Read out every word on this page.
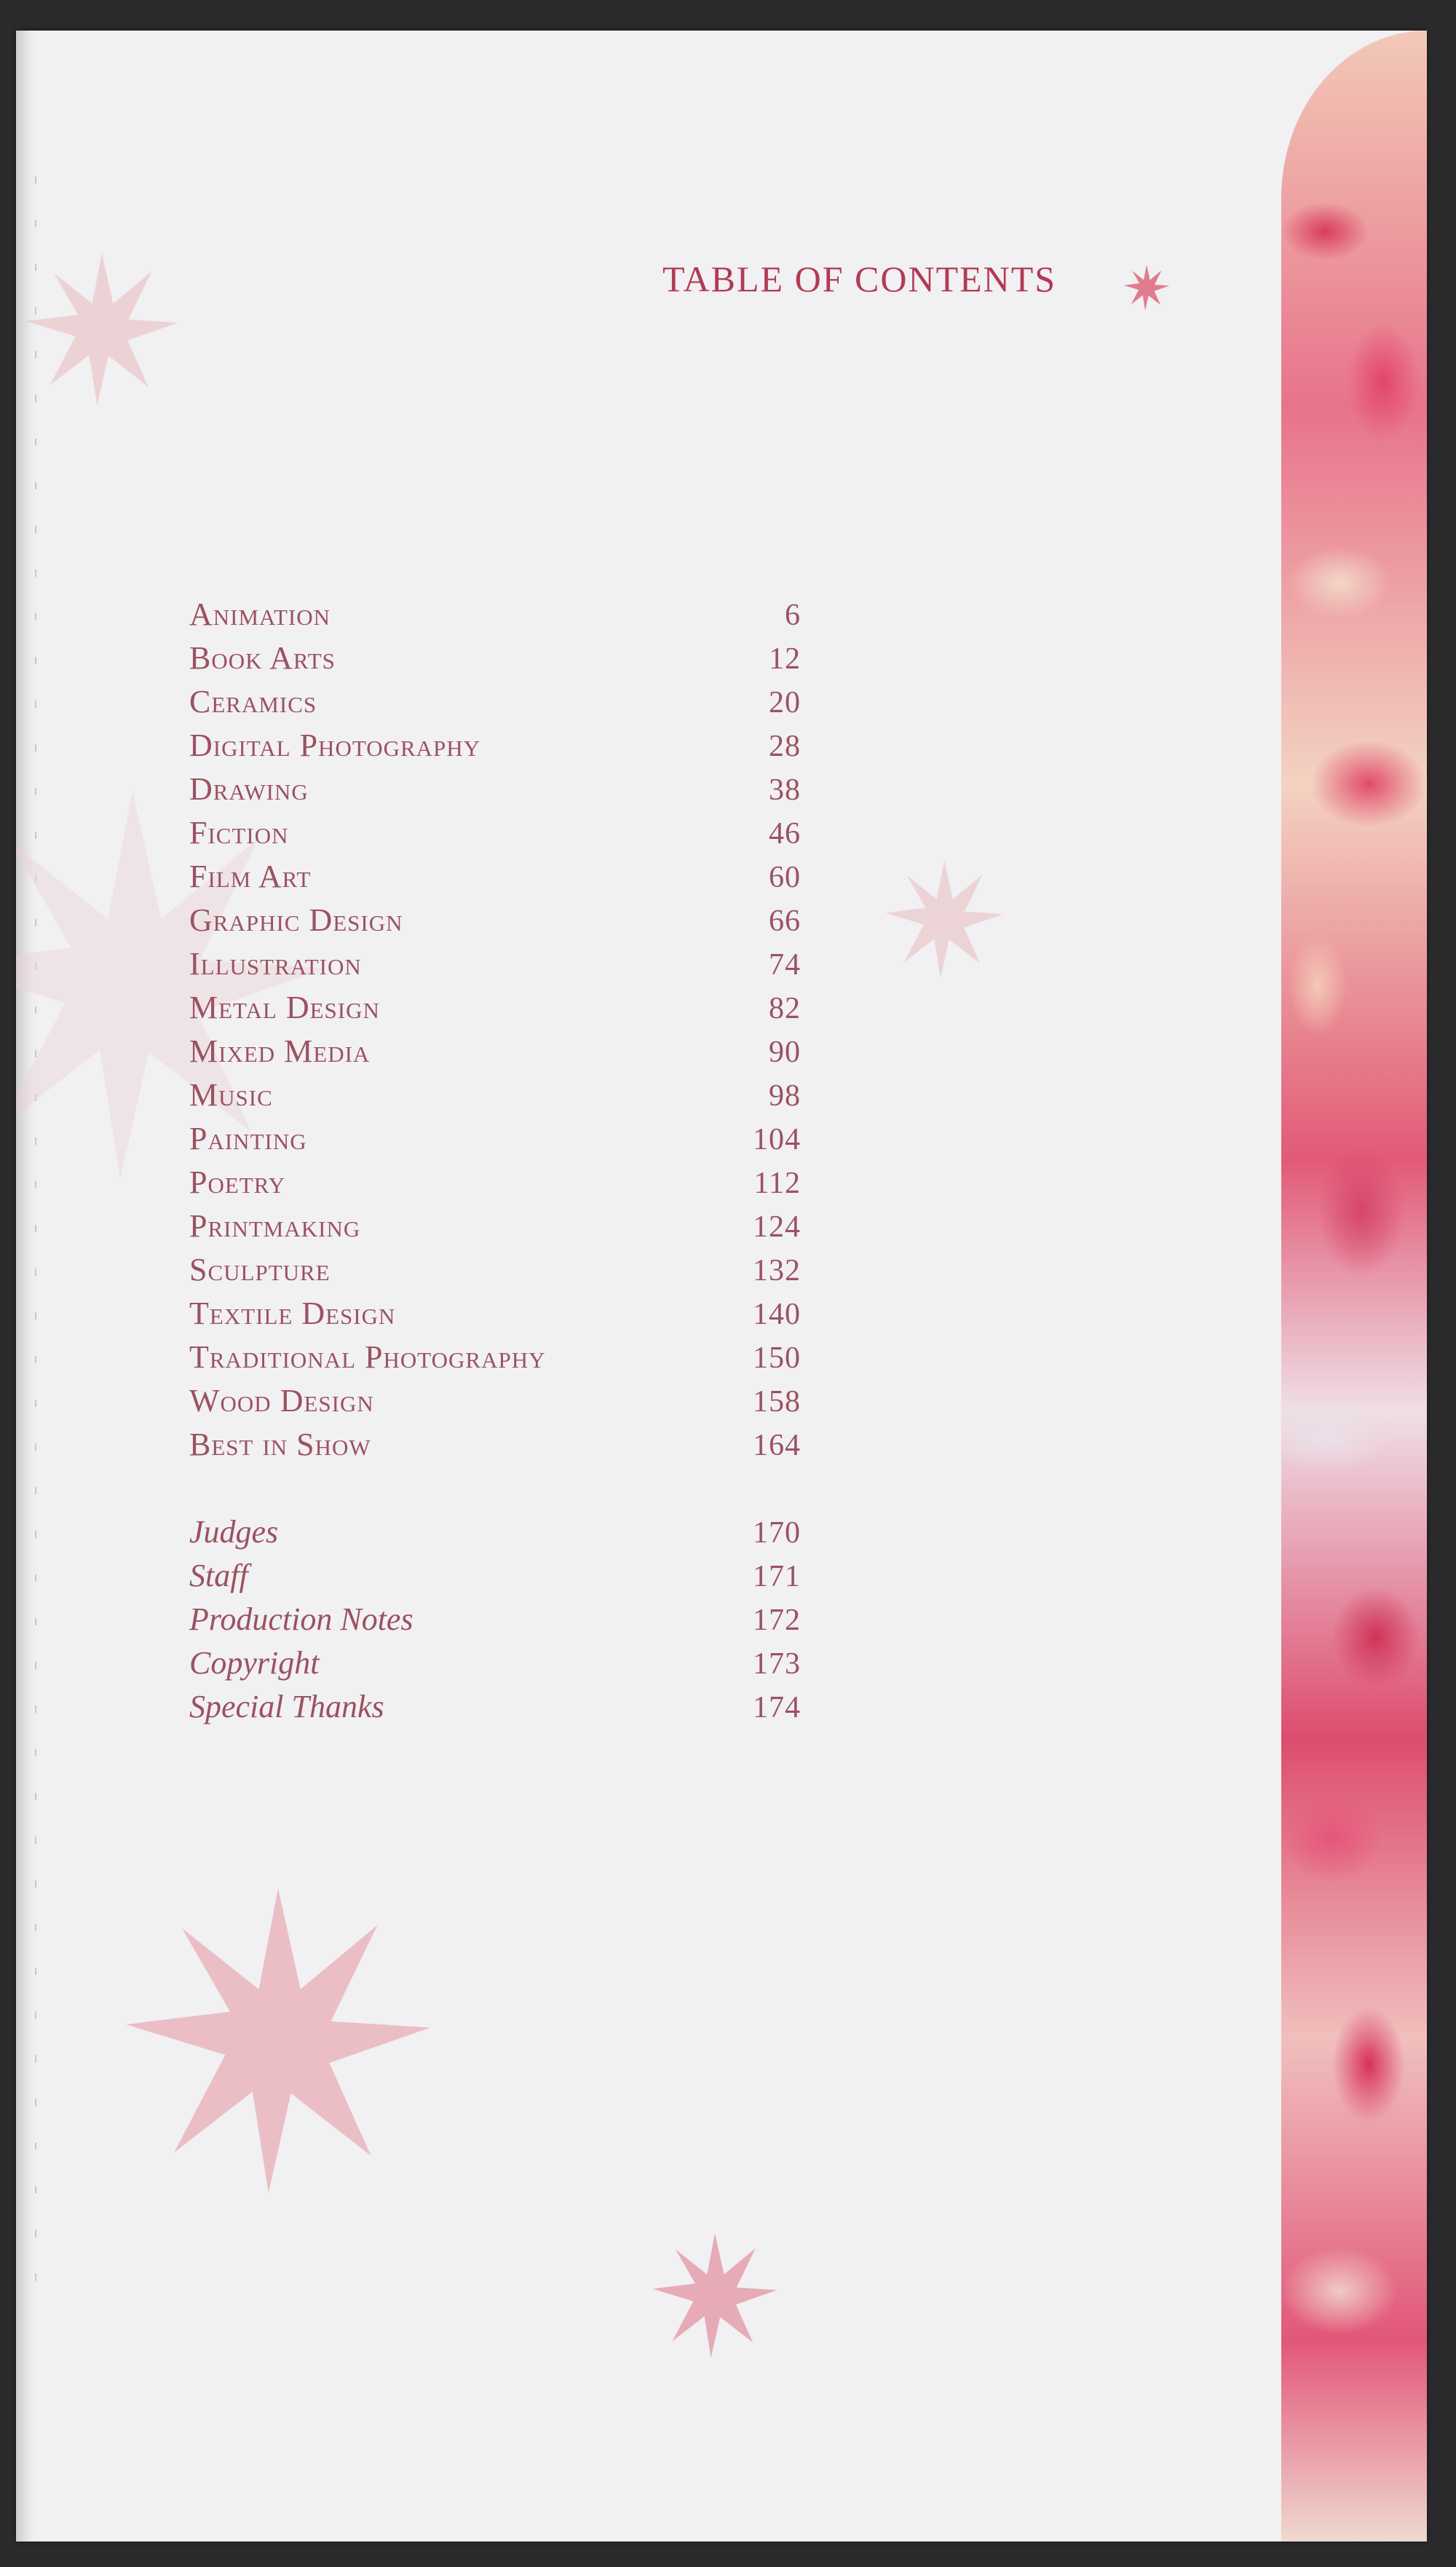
TABLE OF CONTENTS
Animation	6
Book Arts	12
Ceramics	20
Digital Photography	28
Drawing	38
Fiction	46
Film Art	60
Graphic Design	66
Illustration	74
Metal Design	82
Mixed Media	90
Music	98
Painting	104
Poetry	112
Printmaking	124
Sculpture	132
Textile Design	140
Traditional Photography	150
Wood Design	158
Best in Show	164
Judges	170
Staff	171
Production Notes	172
Copyright	173
Special Thanks	174
